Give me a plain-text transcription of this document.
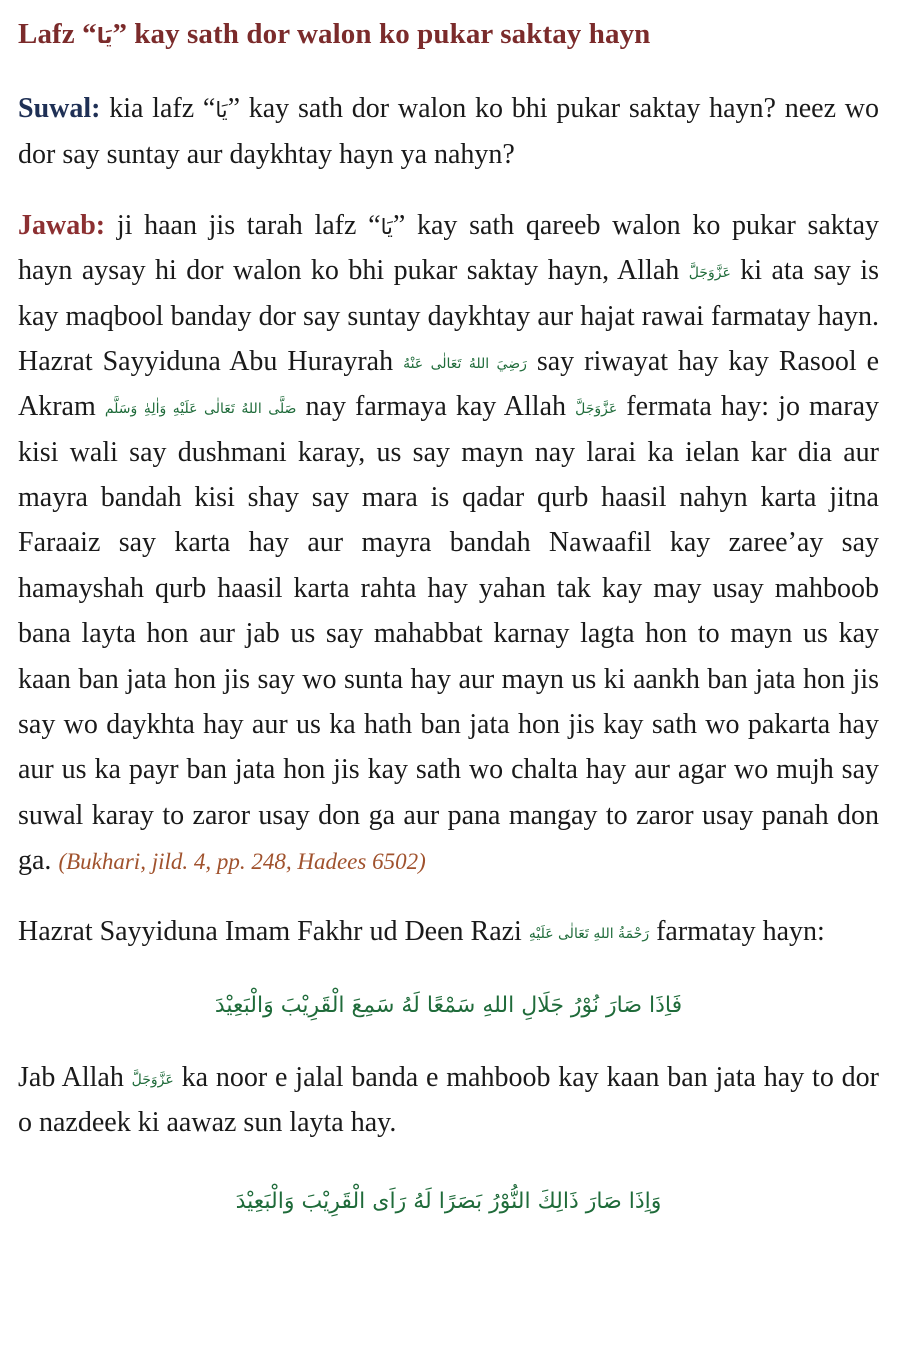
Lafz “يَا” kay sath dor walon ko pukar saktay hayn

Suwal: kia lafz “يَا” kay sath dor walon ko bhi pukar saktay hayn? neez wo dor say suntay aur daykhtay hayn ya nahyn?

Jawab: ji haan jis tarah lafz “يَا” kay sath qareeb walon ko pukar saktay hayn aysay hi dor walon ko bhi pukar saktay hayn, Allah عَزَّوَجَلَّ ki ata say is kay maqbool banday dor say suntay daykhtay aur hajat rawai farmatay hayn. Hazrat Sayyiduna Abu Hurayrah رَضِيَ اللهُ تَعَالٰى عَنْهُ say riwayat hay kay Rasool e Akram صَلَّى اللهُ تَعَالٰى عَلَيْهِ وَاٰلِهِٰ وَسَلَّم nay farmaya kay Allah عَزَّوَجَلَّ fermata hay: jo maray kisi wali say dushmani karay, us say mayn nay larai ka ielan kar dia aur mayra bandah kisi shay say mara is qadar qurb haasil nahyn karta jitna Faraaiz say karta hay aur mayra bandah Nawaafil kay zaree’ay say hamayshah qurb haasil karta rahta hay yahan tak kay may usay mahboob bana layta hon aur jab us say mahabbat karnay lagta hon to mayn us kay kaan ban jata hon jis say wo sunta hay aur mayn us ki aankh ban jata hon jis say wo daykhta hay aur us ka hath ban jata hon jis kay sath wo pakarta hay aur us ka payr ban jata hon jis kay sath wo chalta hay aur agar wo mujh say suwal karay to zaror usay don ga aur pana mangay to zaror usay panah don ga. (Bukhari, jild. 4, pp. 248, Hadees 6502)

Hazrat Sayyiduna Imam Fakhr ud Deen Razi رَحْمَةُ اللهِ تَعَالٰى عَلَيْهِ farmatay hayn:

فَاِذَا صَارَ نُوْرُ جَلَالِ اللهِ سَمْعًا لَهُ سَمِعَ الْقَرِيْبَ وَالْبَعِيْدَ

Jab Allah عَزَّوَجَلَّ ka noor e jalal banda e mahboob kay kaan ban jata hay to dor o nazdeek ki aawaz sun layta hay.

وَاِذَا صَارَ ذَالِكَ النُّوْرُ بَصَرًا لَهُ رَاَى الْقَرِيْبَ وَالْبَعِيْدَ
